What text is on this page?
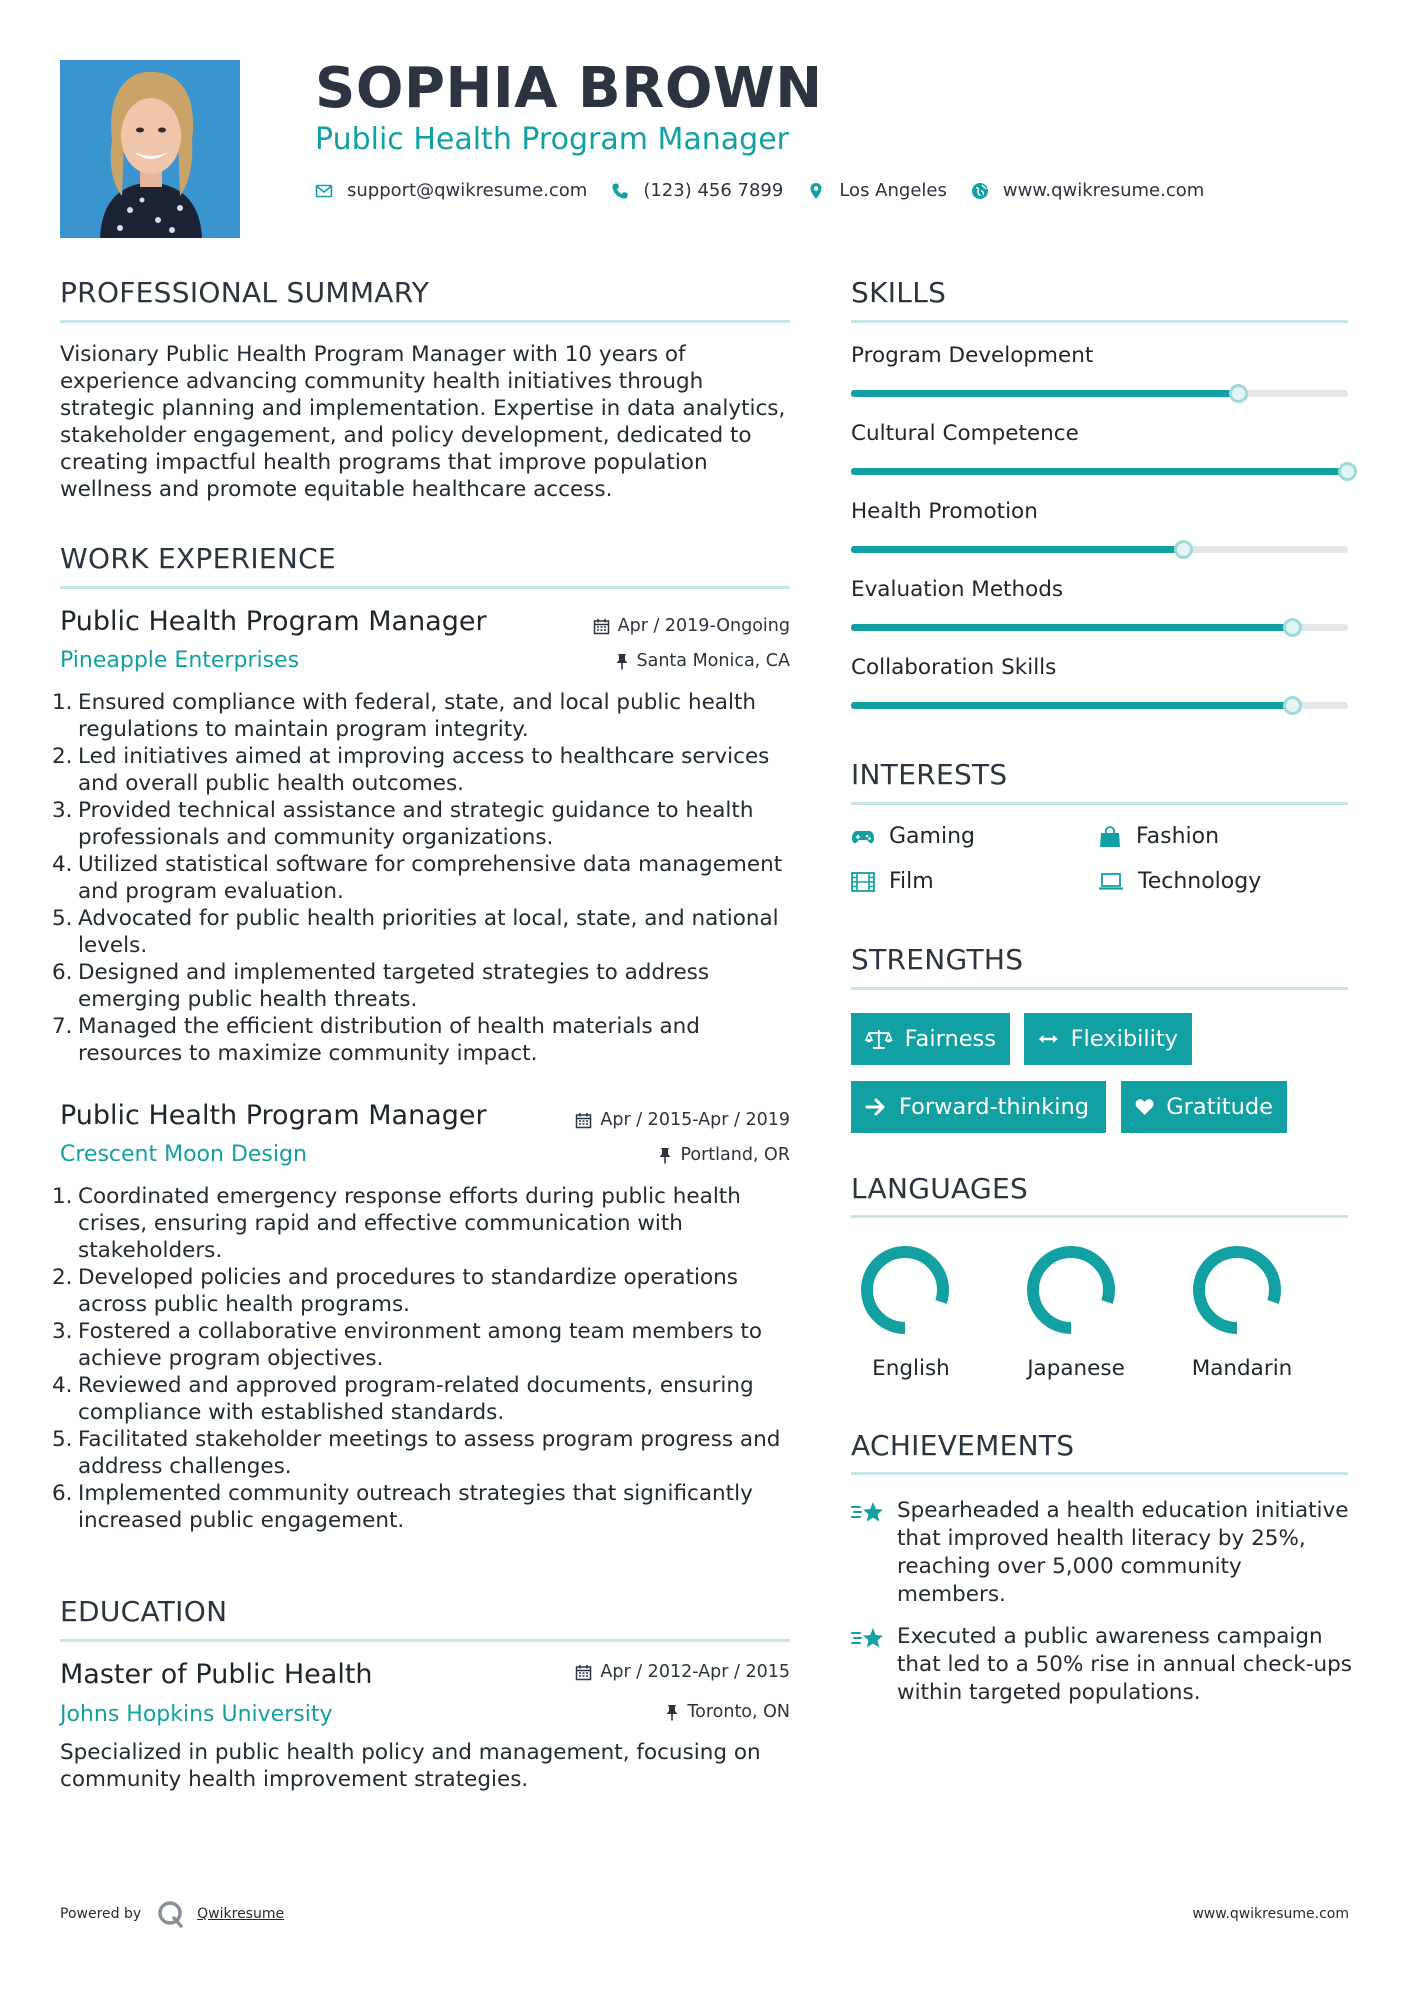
SOPHIA BROWN
Public Health Program Manager
support@qwikresume.com	(123) 456 7899	Los Angeles	www.qwikresume.com
PROFESSIONAL SUMMARY
Visionary Public Health Program Manager with 10 years of experience advancing community health initiatives through strategic planning and implementation. Expertise in data analytics, stakeholder engagement, and policy development, dedicated to creating impactful health programs that improve population wellness and promote equitable healthcare access.
WORK EXPERIENCE
Public Health Program Manager	Apr / 2019-Ongoing
Pineapple Enterprises	Santa Monica, CA
1. Ensured compliance with federal, state, and local public health regulations to maintain program integrity.
2. Led initiatives aimed at improving access to healthcare services and overall public health outcomes.
3. Provided technical assistance and strategic guidance to health professionals and community organizations.
4. Utilized statistical software for comprehensive data management and program evaluation.
5. Advocated for public health priorities at local, state, and national levels.
6. Designed and implemented targeted strategies to address emerging public health threats.
7. Managed the efficient distribution of health materials and resources to maximize community impact.
Public Health Program Manager	Apr / 2015-Apr / 2019
Crescent Moon Design	Portland, OR
1. Coordinated emergency response efforts during public health crises, ensuring rapid and effective communication with stakeholders.
2. Developed policies and procedures to standardize operations across public health programs.
3. Fostered a collaborative environment among team members to achieve program objectives.
4. Reviewed and approved program-related documents, ensuring compliance with established standards.
5. Facilitated stakeholder meetings to assess program progress and address challenges.
6. Implemented community outreach strategies that significantly increased public engagement.
EDUCATION
Master of Public Health	Apr / 2012-Apr / 2015
Johns Hopkins University	Toronto, ON
Specialized in public health policy and management, focusing on community health improvement strategies.
SKILLS
Program Development
Cultural Competence
Health Promotion
Evaluation Methods
Collaboration Skills
INTERESTS
Gaming	Fashion
Film	Technology
STRENGTHS
Fairness	Flexibility
Forward-thinking	Gratitude
LANGUAGES
English	Japanese	Mandarin
ACHIEVEMENTS
Spearheaded a health education initiative that improved health literacy by 25%, reaching over 5,000 community members.
Executed a public awareness campaign that led to a 50% rise in annual check-ups within targeted populations.
Powered by	Qwikresume	www.qwikresume.com
